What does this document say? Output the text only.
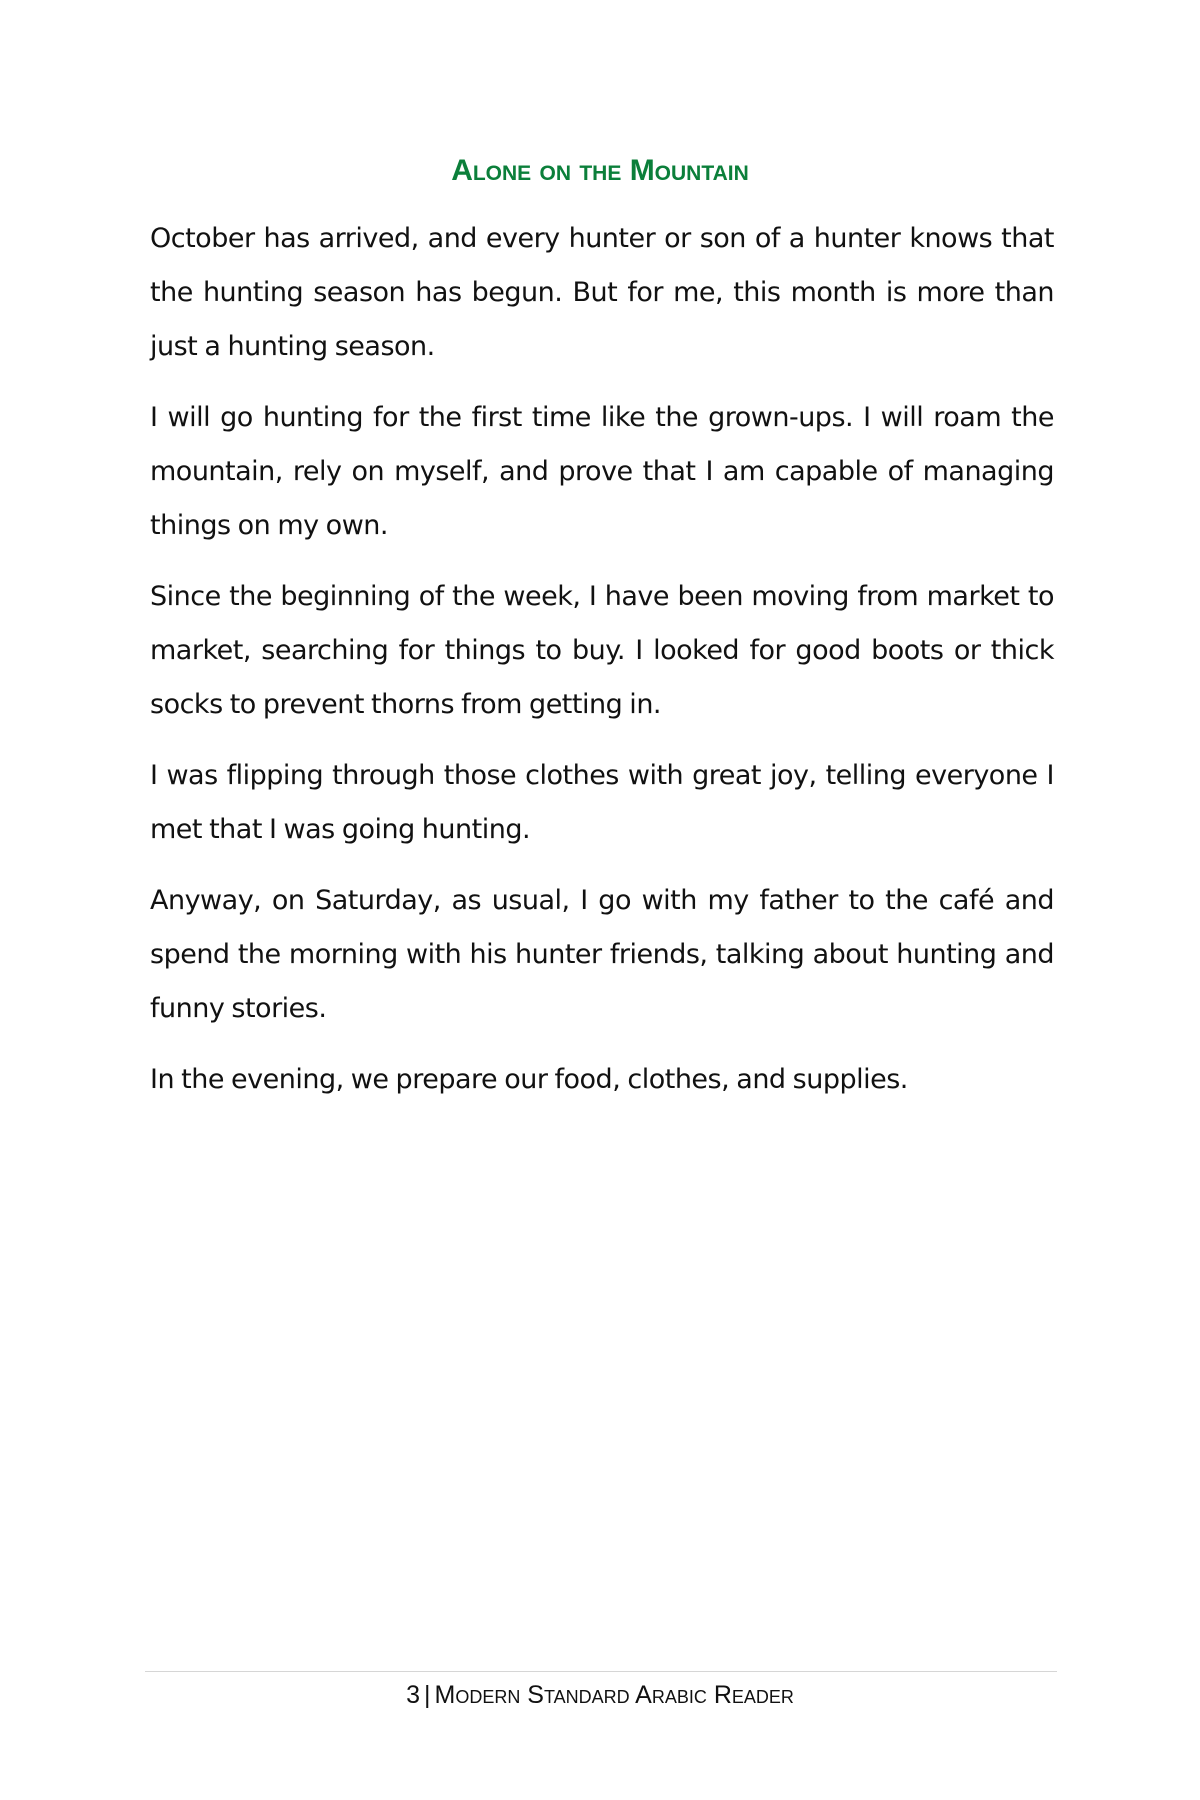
Alone on the Mountain

October has arrived, and every hunter or son of a hunter knows that the hunting season has begun. But for me, this month is more than just a hunting season.

I will go hunting for the first time like the grown-ups. I will roam the mountain, rely on myself, and prove that I am capable of managing things on my own.

Since the beginning of the week, I have been moving from market to market, searching for things to buy. I looked for good boots or thick socks to prevent thorns from getting in.

I was flipping through those clothes with great joy, telling everyone I met that I was going hunting.

Anyway, on Saturday, as usual, I go with my father to the café and spend the morning with his hunter friends, talking about hunting and funny stories.

In the evening, we prepare our food, clothes, and supplies.

3 | Modern Standard Arabic Reader
